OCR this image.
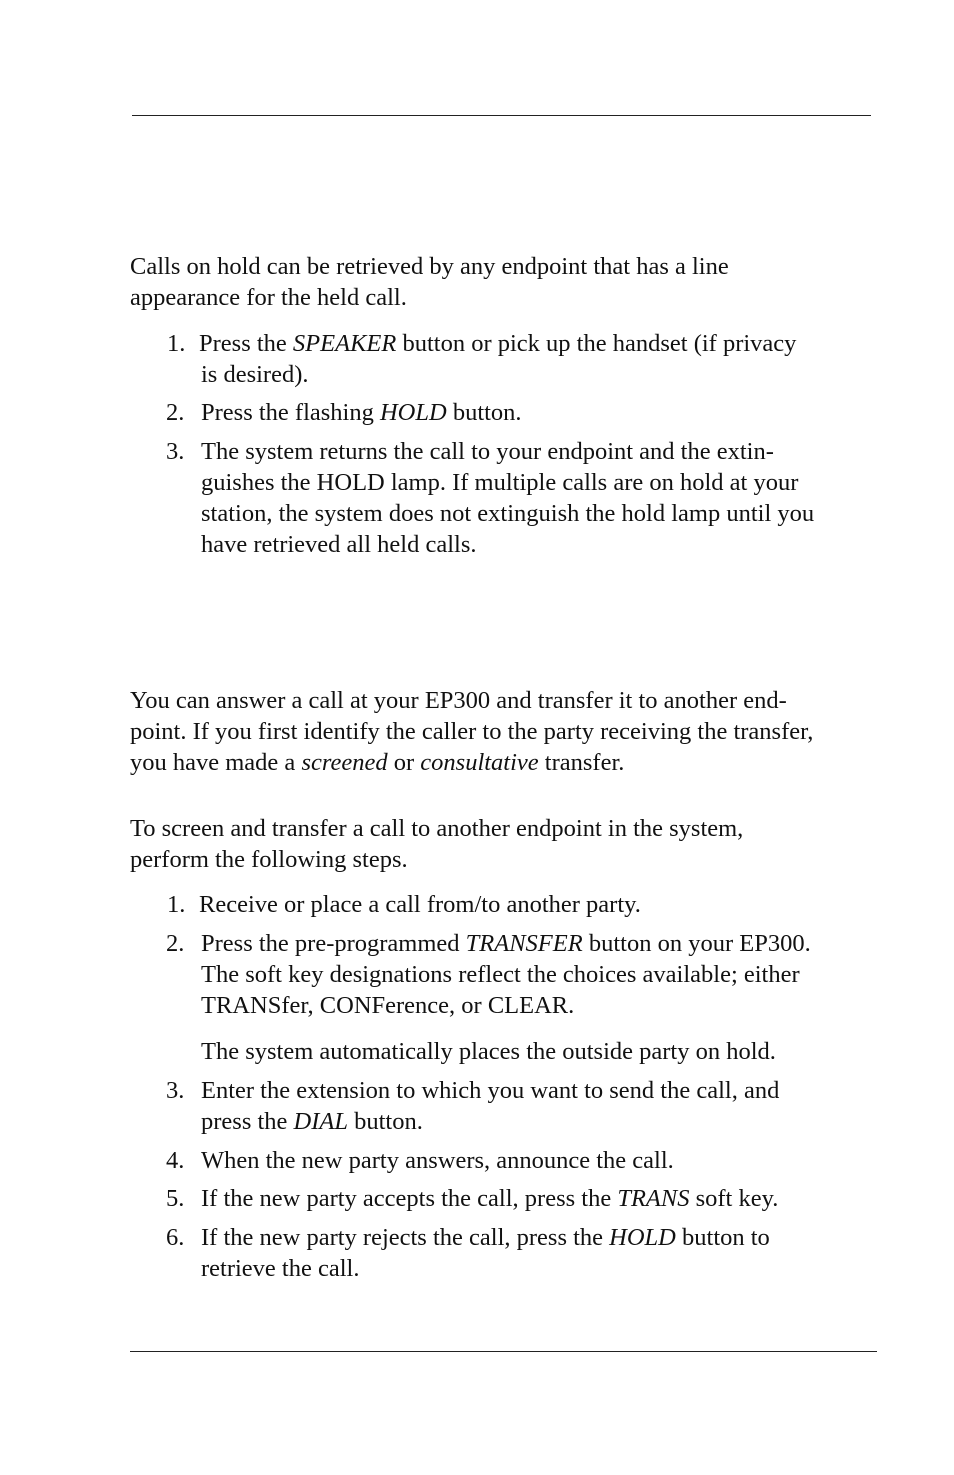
Calls on hold can be retrieved by any endpoint that has a line
appearance for the held call.

1. Press the SPEAKER button or pick up the handset (if privacy
is desired).
2. Press the flashing HOLD button.
3. The system returns the call to your endpoint and the extin-
guishes the HOLD lamp. If multiple calls are on hold at your
station, the system does not extinguish the hold lamp until you
have retrieved all held calls.

You can answer a call at your EP300 and transfer it to another end-
point. If you first identify the caller to the party receiving the transfer,
you have made a screened or consultative transfer.

To screen and transfer a call to another endpoint in the system,
perform the following steps.

1. Receive or place a call from/to another party.
2. Press the pre-programmed TRANSFER button on your EP300.
The soft key designations reflect the choices available; either
TRANSfer, CONFerence, or CLEAR.
The system automatically places the outside party on hold.
3. Enter the extension to which you want to send the call, and
press the DIAL button.
4. When the new party answers, announce the call.
5. If the new party accepts the call, press the TRANS soft key.
6. If the new party rejects the call, press the HOLD button to
retrieve the call.
